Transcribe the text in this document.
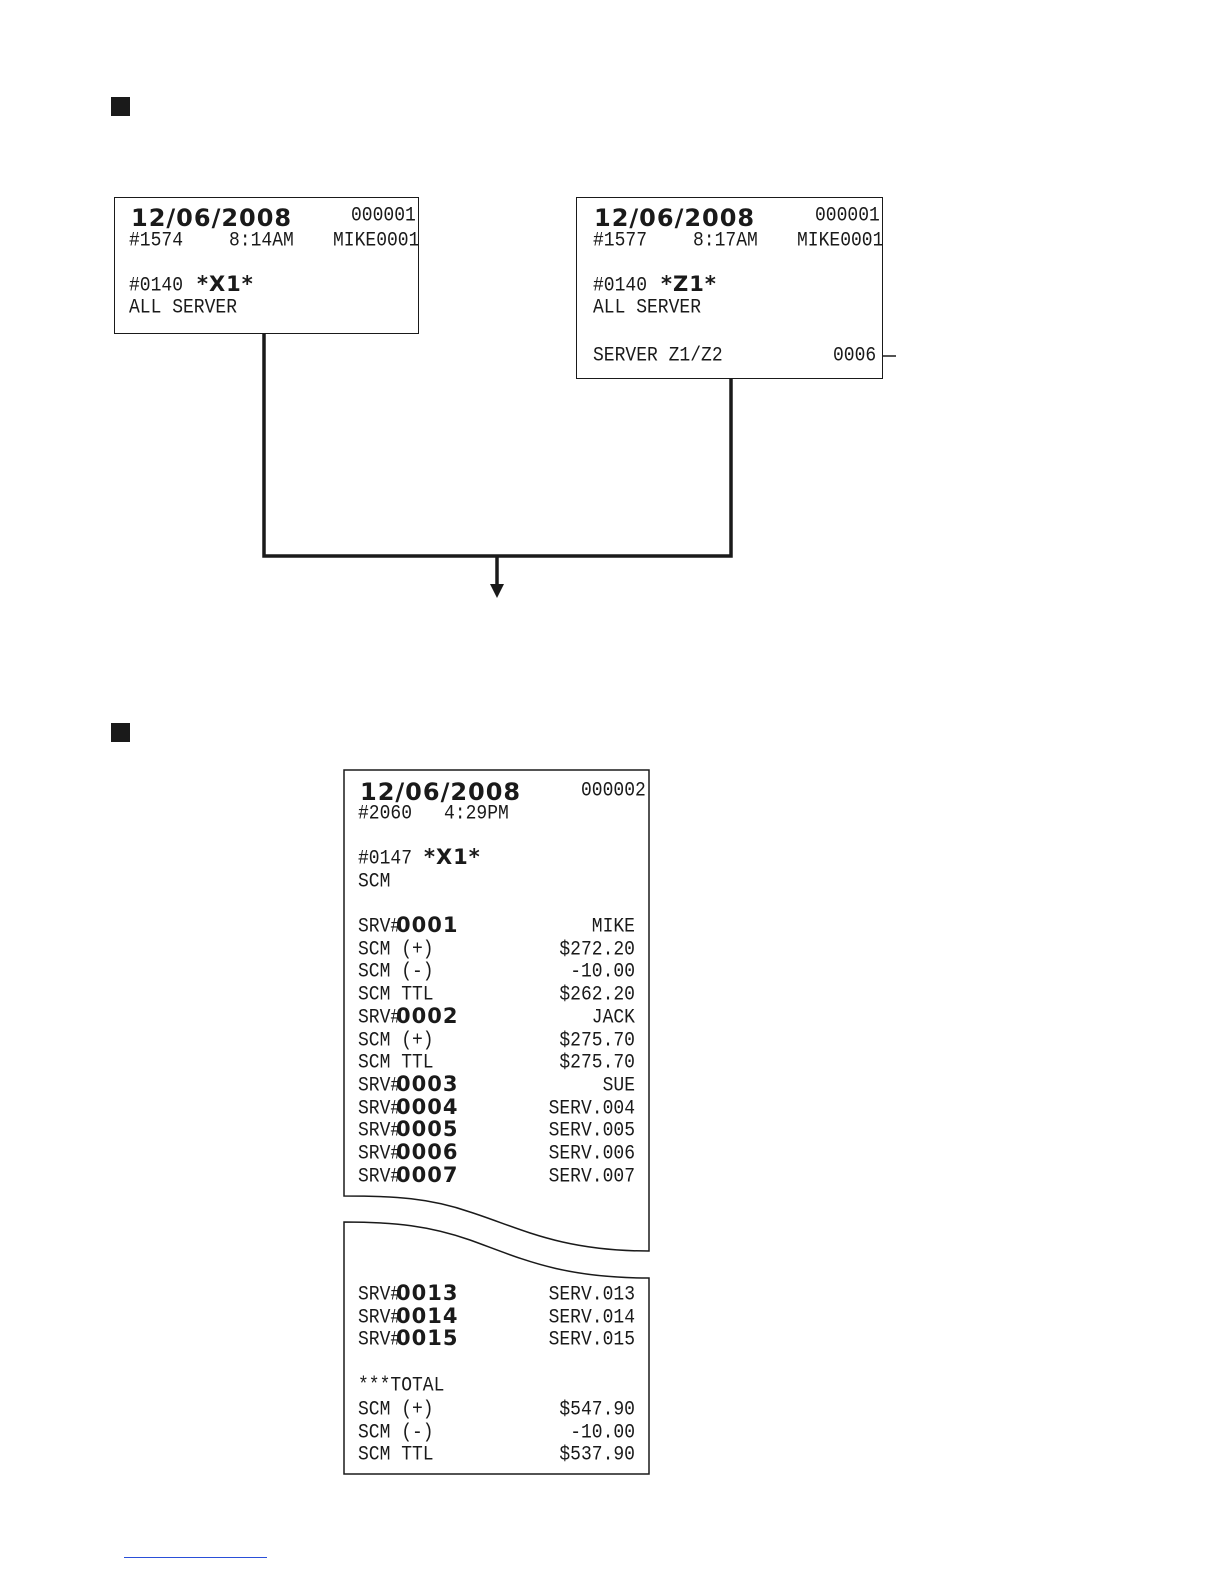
12/06/2008	000001
#1574	8:14AM MIKE0001
#0140 *X1*
ALL SERVER
12/06/2008	000001
#1577	8:17AM MIKE0001
#0140 *Z1*
ALL SERVER
SERVER Z1/Z2	0006
12/06/2008	000002
#2060 4:29PM
#0147 *X1*
SCM
SRV#
0001	MIKE
SCM (+)	$272.20
SCM (-)	-10.00
SCM TTL	$262.20
SRV#
0002	JACK
SCM (+)	$275.70
SCM TTL	$275.70
SRV#
0003	SUE
SRV#
0004	SERV.004
SRV#
0005	SERV.005
SRV#
0006	SERV.006
SRV#
0007	SERV.007
SRV#
0013	SERV.013
SRV#
0014	SERV.014
SRV#
0015	SERV.015
***TOTAL
SCM (+)	$547.90
SCM (-)	-10.00
SCM TTL	$537.90
